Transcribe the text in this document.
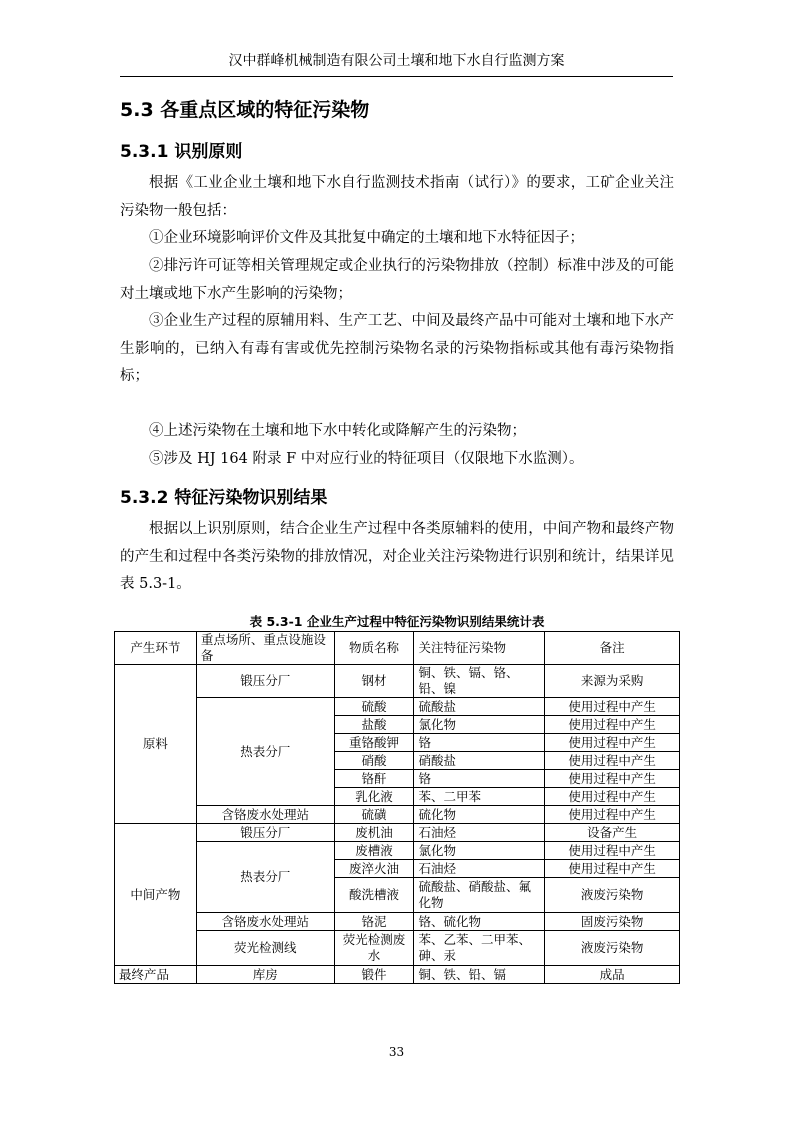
汉中群峰机械制造有限公司土壤和地下水自行监测方案
5.3 各重点区域的特征污染物
5.3.1 识别原则
根据《工业企业土壤和地下水自行监测技术指南（试行）》的要求，工矿企业关注污染物一般包括：
①企业环境影响评价文件及其批复中确定的土壤和地下水特征因子；
②排污许可证等相关管理规定或企业执行的污染物排放（控制）标准中涉及的可能对土壤或地下水产生影响的污染物；
③企业生产过程的原辅用料、生产工艺、中间及最终产品中可能对土壤和地下水产生影响的，已纳入有毒有害或优先控制污染物名录的污染物指标或其他有毒污染物指标；
④上述污染物在土壤和地下水中转化或降解产生的污染物；
⑤涉及 HJ 164 附录 F 中对应行业的特征项目（仅限地下水监测）。
5.3.2 特征污染物识别结果
根据以上识别原则，结合企业生产过程中各类原辅料的使用，中间产物和最终产物的产生和过程中各类污染物的排放情况，对企业关注污染物进行识别和统计，结果详见表 5.3-1。
表 5.3-1 企业生产过程中特征污染物识别结果统计表
产生环节	重点场所、重点设施设备	物质名称	关注特征污染物	备注
原料	锻压分厂	钢材	铜、铁、镉、铬、铅、镍	来源为采购
	热表分厂	硫酸	硫酸盐	使用过程中产生
		盐酸	氯化物	使用过程中产生
		重铬酸钾	铬	使用过程中产生
		硝酸	硝酸盐	使用过程中产生
		铬酐	铬	使用过程中产生
		乳化液	苯、二甲苯	使用过程中产生
	含铬废水处理站	硫磺	硫化物	使用过程中产生
中间产物	锻压分厂	废机油	石油烃	设备产生
	热表分厂	废槽液	氯化物	使用过程中产生
		废淬火油	石油烃	使用过程中产生
		酸洗槽液	硫酸盐、硝酸盐、氟化物	液废污染物
	含铬废水处理站	铬泥	铬、硫化物	固废污染物
	荧光检测线	荧光检测废水	苯、乙苯、二甲苯、砷、汞	液废污染物
最终产品	库房	锻件	铜、铁、铅、镉	成品
33
